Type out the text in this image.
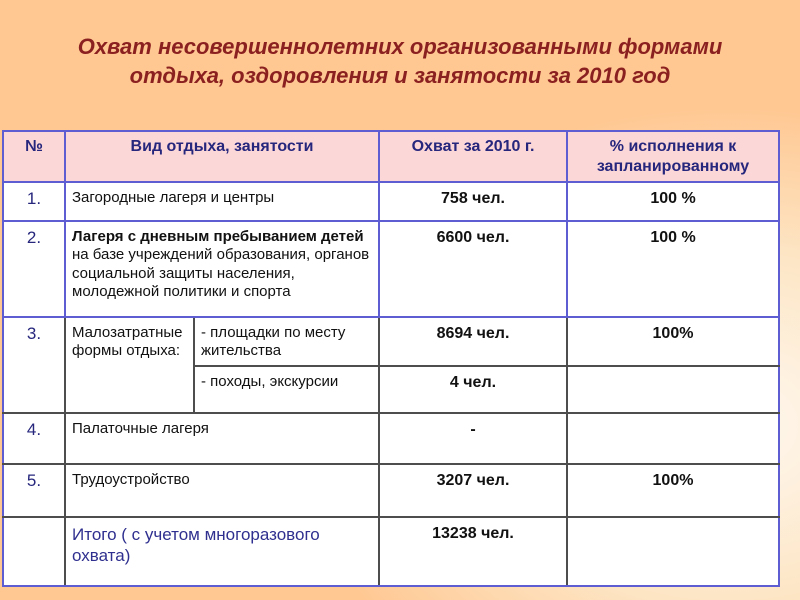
Охват несовершеннолетних организованными формами отдыха, оздоровления и занятости за 2010 год
№	Вид отдыха, занятости		Охват за 2010 г.	% исполнения к запланированному
1.	Загородные лагеря и центры		758 чел.	100 %
2.	Лагеря с дневным пребыванием детей на базе учреждений образования, органов социальной защиты населения, молодежной политики и спорта		6600 чел.	100 %
3.	Малозатратные формы отдыха:	- площадки по месту жительства	8694 чел.	100%
		- походы, экскурсии	4 чел.	
4.	Палаточные лагеря		-	
5.	Трудоустройство		3207 чел.	100%
	Итого ( с учетом многоразового охвата)		13238 чел.	
